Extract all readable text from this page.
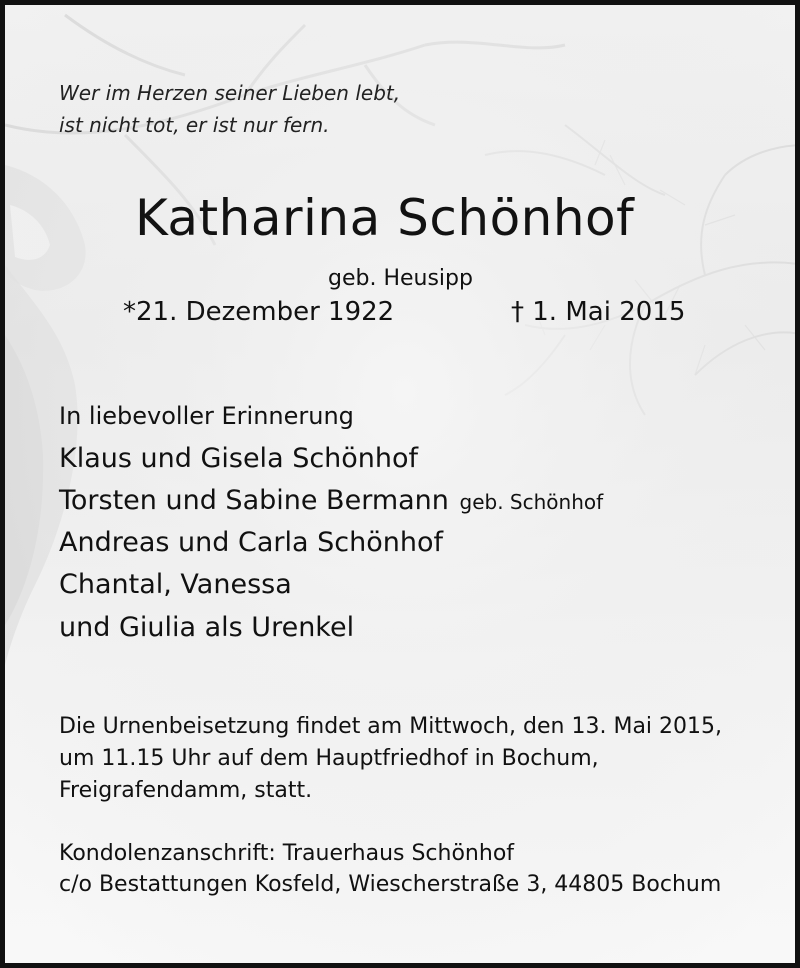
Wer im Herzen seiner Lieben lebt,
ist nicht tot, er ist nur fern.
Katharina Schönhof
geb. Heusipp
*21. Dezember 1922	† 1. Mai 2015
In liebevoller Erinnerung
Klaus und Gisela Schönhof
Torsten und Sabine Bermann geb. Schönhof
Andreas und Carla Schönhof
Chantal, Vanessa
und Giulia als Urenkel
Die Urnenbeisetzung findet am Mittwoch, den 13. Mai 2015,
um 11.15 Uhr auf dem Hauptfriedhof in Bochum,
Freigrafendamm, statt.
Kondolenzanschrift: Trauerhaus Schönhof
c/o Bestattungen Kosfeld, Wiescherstraße 3, 44805 Bochum
